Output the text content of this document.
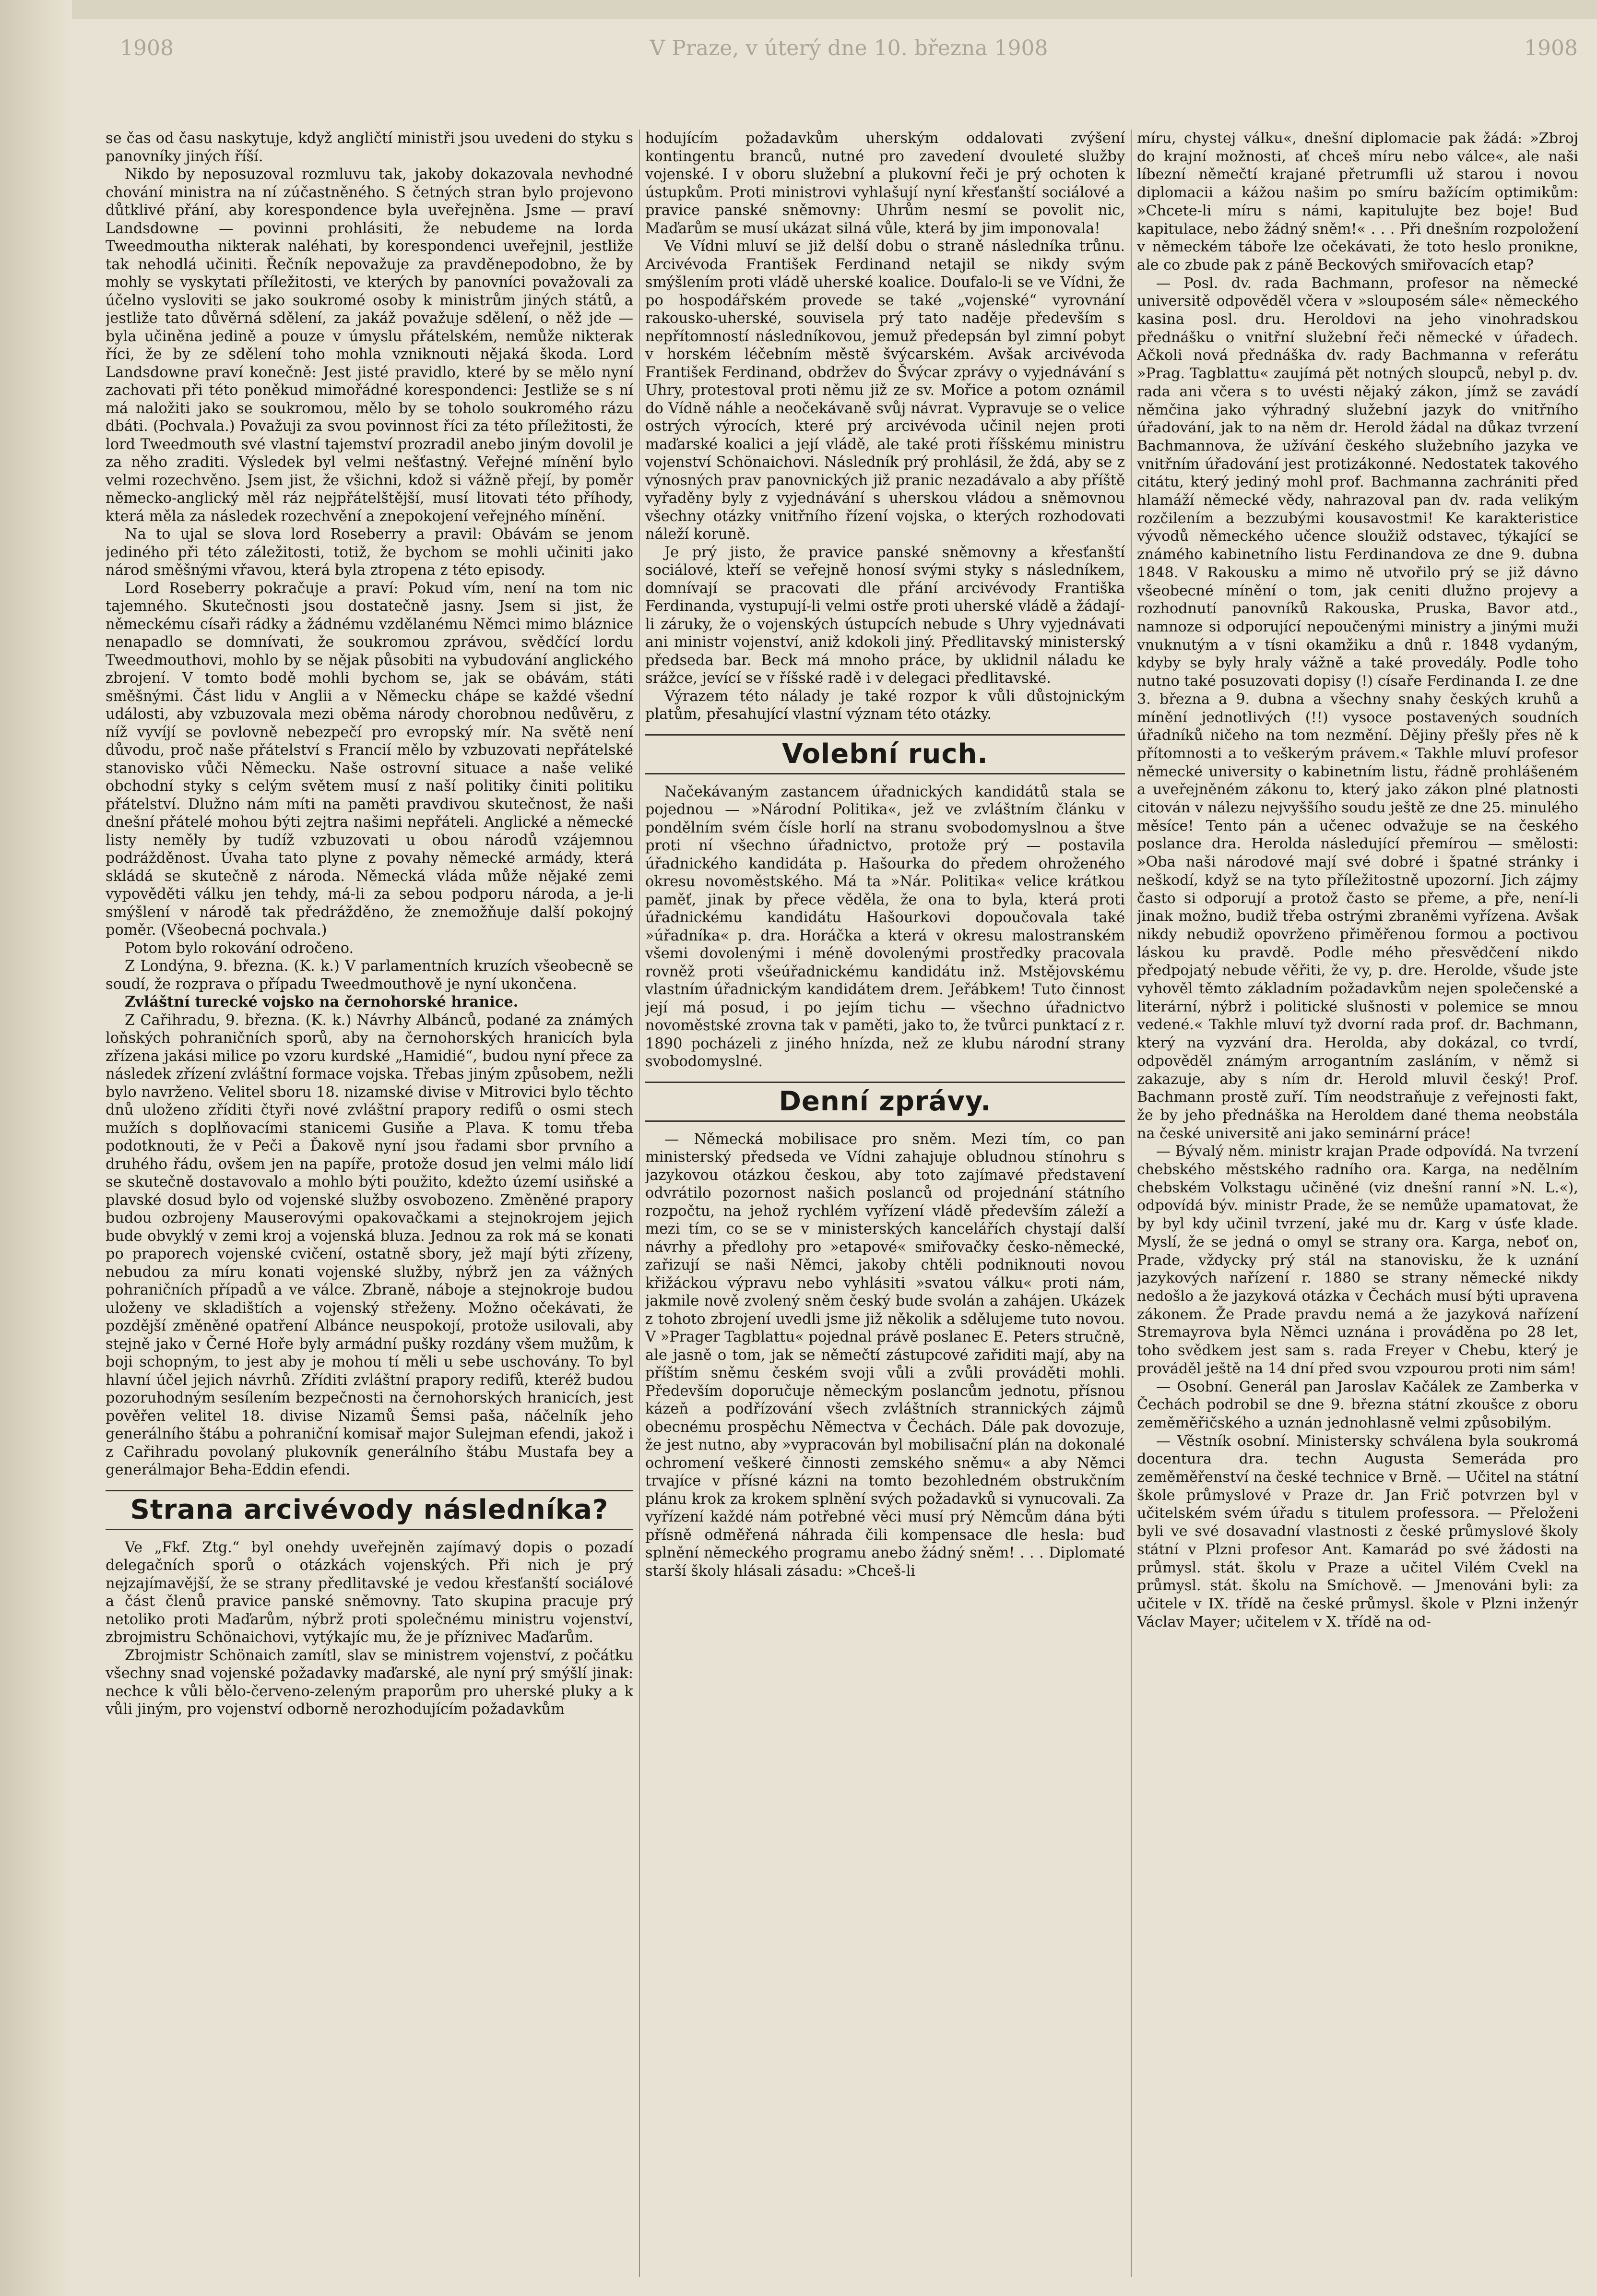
1908	V Praze, v úterý dne 10. března 1908	1908

se čas od času naskytuje, když angličtí ministři jsou uvedeni do styku s panovníky jiných říší.

Nikdo by neposuzoval rozmluvu tak, jakoby dokazovala nevhodné chování ministra na ní zúčastněného. S četných stran bylo projevono důtklivé přání, aby korespondence byla uveřejněna. Jsme — praví Landsdowne — povinni prohlásiti, že nebudeme na lorda Tweedmoutha nikterak naléhati, by korespondenci uveřejnil, jestliže tak nehodlá učiniti. Řečník nepovažuje za pravděnepodobno, že by mohly se vyskytati příležitosti, ve kterých by panovníci považovali za účelno vysloviti se jako soukromé osoby k ministrům jiných států, a jestliže tato důvěrná sdělení, za jakáž považuje sdělení, o něž jde — byla učiněna jedině a pouze v úmyslu přátelském, nemůže nikterak říci, že by ze sdělení toho mohla vzniknouti nějaká škoda. Lord Landsdowne praví konečně: Jest jisté pravidlo, které by se mělo nyní zachovati při této poněkud mimořádné korespondenci: Jestliže se s ní má naložiti jako se soukromou, mělo by se toholo soukromého rázu dbáti. (Pochvala.) Považuji za svou povinnost říci za této příležitosti, že lord Tweedmouth své vlastní tajemství prozradil anebo jiným dovolil je za něho zraditi. Výsledek byl velmi nešťastný. Veřejné mínění bylo velmi rozechvěno. Jsem jist, že všichni, kdož si vážně přejí, by poměr německo-anglický měl ráz nejpřátelštější, musí litovati této příhody, která měla za následek rozechvění a znepokojení veřejného mínění.

Na to ujal se slova lord Roseberry a pravil: Obávám se jenom jediného při této záležitosti, totiž, že bychom se mohli učiniti jako národ směšnými vřavou, která byla ztropena z této episody.

Lord Roseberry pokračuje a praví: Pokud vím, není na tom nic tajemného. Skutečnosti jsou dostatečně jasny. Jsem si jist, že německému císaři rádky a žádnému vzdělanému Němci mimo bláznice nenapadlo se domnívati, že soukromou zprávou, svědčící lordu Tweedmouthovi, mohlo by se nějak působiti na vybudování anglického zbrojení. V tomto bodě mohli bychom se, jak se obávám, státi směšnými. Část lidu v Anglii a v Německu chápe se každé všední události, aby vzbuzovala mezi oběma národy chorobnou nedůvěru, z níž vyvíjí se povlovně nebezpečí pro evropský mír. Na světě není důvodu, proč naše přátelství s Francií mělo by vzbuzovati nepřátelské stanovisko vůči Německu. Naše ostrovní situace a naše veliké obchodní styky s celým světem musí z naší politiky činiti politiku přátelství. Dlužno nám míti na paměti pravdivou skutečnost, že naši dnešní přátelé mohou býti zejtra našimi nepřáteli. Anglické a německé listy neměly by tudíž vzbuzovati u obou národů vzájemnou podrážděnost. Úvaha tato plyne z povahy německé armády, která skládá se skutečně z národa. Německá vláda může nějaké zemi vypověděti válku jen tehdy, má-li za sebou podporu národa, a je-li smýšlení v národě tak předrážděno, že znemožňuje další pokojný poměr. (Všeobecná pochvala.)

Potom bylo rokování odročeno.

Z Londýna, 9. března. (K. k.) V parlamentních kruzích všeobecně se soudí, že rozprava o případu Tweedmouthově je nyní ukončena.

Zvláštní turecké vojsko na černohorské hranice.

Z Cařihradu, 9. března. (K. k.) Návrhy Albánců, podané za známých loňských pohraničních sporů, aby na černohorských hranicích byla zřízena jakási milice po vzoru kurdské „Hamidié“, budou nyní přece za následek zřízení zvláštní formace vojska. Třebas jiným způsobem, nežli bylo navrženo. Velitel sboru 18. nizamské divise v Mitrovici bylo těchto dnů uloženo zříditi čtyři nové zvláštní prapory redifů o osmi stech mužích s doplňovacími stanicemi Gusiňe a Plava. K tomu třeba podotknouti, že v Peči a Ďakově nyní jsou řadami sbor prvního a druhého řádu, ovšem jen na papíře, protože dosud jen velmi málo lidí se skutečně dostavovalo a mohlo býti použito, kdežto území usiňské a plavské dosud bylo od vojenské služby osvobozeno. Změněné prapory budou ozbrojeny Mauserovými opakovačkami a stejnokrojem jejich bude obvyklý v zemi kroj a vojenská bluza. Jednou za rok má se konati po praporech vojenské cvičení, ostatně sbory, jež mají býti zřízeny, nebudou za míru konati vojenské služby, nýbrž jen za vážných pohraničních případů a ve válce. Zbraně, náboje a stejnokroje budou uloženy ve skladištích a vojenský střeženy. Možno očekávati, že pozdější změněné opatření Albánce neuspokojí, protože usilovali, aby stejně jako v Černé Hoře byly armádní pušky rozdány všem mužům, k boji schopným, to jest aby je mohou tí měli u sebe uschovány. To byl hlavní účel jejich návrhů. Zříditi zvláštní prapory redifů, kteréž budou pozoruhodným sesílením bezpečnosti na černohorských hranicích, jest pověřen velitel 18. divise Nizamů Šemsi paša, náčelník jeho generálního štábu a pohraniční komisař major Sulejman efendi, jakož i z Cařihradu povolaný plukovník generálního štábu Mustafa bey a generálmajor Beha-Eddin efendi.

Strana arcivévody následníka?

Ve „Fkf. Ztg.“ byl onehdy uveřejněn zajímavý dopis o pozadí delegačních sporů o otázkách vojenských. Při nich je prý nejzajímavější, že se strany předlitavské je vedou křesťanští sociálové a část členů pravice panské sněmovny. Tato skupina pracuje prý netoliko proti Maďarům, nýbrž proti společnému ministru vojenství, zbrojmistru Schönaichovi, vytýkajíc mu, že je příznivec Maďarům.

Zbrojmistr Schönaich zamítl, slav se ministrem vojenství, z počátku všechny snad vojenské požadavky maďarské, ale nyní prý smýšlí jinak: nechce k vůli bělo-červeno-zeleným praporům pro uherské pluky a k vůli jiným, pro vojenství odborně nerozhodujícím požadavkům

hodujícím požadavkům uherským oddalovati zvýšení kontingentu branců, nutné pro zavedení dvouleté služby vojenské. I v oboru služební a plukovní řeči je prý ochoten k ústupkům. Proti ministrovi vyhlašují nyní křesťanští sociálové a pravice panské sněmovny: Uhrům nesmí se povolit nic, Maďarům se musí ukázat silná vůle, která by jim imponovala!

Ve Vídni mluví se již delší dobu o straně následníka trůnu. Arcivévoda František Ferdinand netajil se nikdy svým smýšlením proti vládě uherské koalice. Doufalo-li se ve Vídni, že po hospodářském provede se také „vojenské“ vyrovnání rakousko-uherské, souvisela prý tato naděje především s nepřítomností následníkovou, jemuž předepsán byl zimní pobyt v horském léčebním městě švýcarském. Avšak arcivévoda František Ferdinand, obdržev do Švýcar zprávy o vyjednávání s Uhry, protestoval proti němu již ze sv. Mořice a potom oznámil do Vídně náhle a neočekávaně svůj návrat. Vypravuje se o velice ostrých výrocích, které prý arcivévoda učinil nejen proti maďarské koalici a její vládě, ale také proti říšskému ministru vojenství Schönaichovi. Následník prý prohlásil, že ždá, aby se z výnosných prav panovnických již pranic nezadávalo a aby příště vyřaděny byly z vyjednávání s uherskou vládou a sněmovnou všechny otázky vnitřního řízení vojska, o kterých rozhodovati náleží koruně.

Je prý jisto, že pravice panské sněmovny a křesťanští sociálové, kteří se veřejně honosí svými styky s následníkem, domnívají se pracovati dle přání arcivévody Františka Ferdinanda, vystupují-li velmi ostře proti uherské vládě a žádají-li záruky, že o vojenských ústupcích nebude s Uhry vyjednávati ani ministr vojenství, aniž kdokoli jiný. Předlitavský ministerský předseda bar. Beck má mnoho práce, by uklidnil náladu ke srážce, jevící se v říšské radě i v delegaci předlitavské.

Výrazem této nálady je také rozpor k vůli důstojnickým platům, přesahující vlastní význam této otázky.

Volební ruch.

Načekávaným zastancem úřadnických kandidátů stala se pojednou — »Národní Politika«, jež ve zvláštním článku v pondělním svém čísle horlí na stranu svobodomyslnou a štve proti ní všechno úřadnictvo, protože prý — postavila úřadnického kandidáta p. Hašourka do předem ohroženého okresu novoměstského. Má ta »Nár. Politika« velice krátkou paměť, jinak by přece věděla, že ona to byla, která proti úřadnickému kandidátu Hašourkovi dopoučovala také »úřadníka« p. dra. Horáčka a která v okresu malostranském všemi dovolenými i méně dovolenými prostředky pracovala rovněž proti všeúřadnickému kandidátu inž. Mstějovskému vlastním úřadnickým kandidátem drem. Jeřábkem! Tuto činnost její má posud, i po jejím tichu — všechno úřadnictvo novoměstské zrovna tak v paměti, jako to, že tvůrci punktací z r. 1890 pocházeli z jiného hnízda, než ze klubu národní strany svobodomyslné.

Denní zprávy.

— Německá mobilisace pro sněm. Mezi tím, co pan ministerský předseda ve Vídni zahajuje obludnou stínohru s jazykovou otázkou českou, aby toto zajímavé představení odvrátilo pozornost našich poslanců od projednání státního rozpočtu, na jehož rychlém vyřízení vládě především záleží a mezi tím, co se se v ministerských kancelářích chystají další návrhy a předlohy pro »etapové« smiřovačky česko-německé, zařizují se naši Němci, jakoby chtěli podniknouti novou křižáckou výpravu nebo vyhlásiti »svatou válku« proti nám, jakmile nově zvolený sněm český bude svolán a zahájen. Ukázek z tohoto zbrojení uvedli jsme již několik a sdělujeme tuto novou. V »Prager Tagblattu« pojednal právě poslanec E. Peters stručně, ale jasně o tom, jak se němečtí zástupcové zařiditi mají, aby na příštím sněmu českém svoji vůli a zvůli prováděti mohli. Především doporučuje německým poslancům jednotu, přísnou kázeň a podřízování všech zvláštních strannických zájmů obecnému prospěchu Němectva v Čechách. Dále pak dovozuje, že jest nutno, aby »vypracován byl mobilisační plán na dokonalé ochromení veškeré činnosti zemského sněmu« a aby Němci trvajíce v přísné kázni na tomto bezohledném obstrukčním plánu krok za krokem splnění svých požadavků si vynucovali. Za vyřízení každé nám potřebné věci musí prý Němcům dána býti přísně odměřená náhrada čili kompensace dle hesla: buď splnění německého programu anebo žádný sněm! . . . Diplomaté starší školy hlásali zásadu: »Chceš-li

míru, chystej válku«, dnešní diplomacie pak žádá: »Zbroj do krajní možnosti, ať chceš míru nebo válce«, ale naši líbezní němečtí krajané přetrumfli už starou i novou diplomacii a kážou našim po smíru bažícím optimikům: »Chcete-li míru s námi, kapitulujte bez boje! Buď kapitulace, nebo žádný sněm!« . . . Při dnešním rozpoložení v německém táboře lze očekávati, že toto heslo pronikne, ale co zbude pak z páně Beckových smiřovacích etap?

— Posl. dv. rada Bachmann, profesor na německé universitě odpověděl včera v »slouposém sále« německého kasina posl. dru. Heroldovi na jeho vinohradskou přednášku o vnitřní služební řeči německé v úřadech. Ačkoli nová přednáška dv. rady Bachmanna v referátu »Prag. Tagblattu« zaujímá pět notných sloupců, nebyl p. dv. rada ani včera s to uvésti nějaký zákon, jímž se zavádí němčina jako výhradný služební jazyk do vnitřního úřadování, jak to na něm dr. Herold žádal na důkaz tvrzení Bachmannova, že užívání českého služebního jazyka ve vnitřním úřadování jest protizákonné. Nedostatek takového citátu, který jediný mohl prof. Bachmanna zachrániti před hlamáží německé vědy, nahrazoval pan dv. rada velikým rozčilením a bezzubými kousavostmi! Ke karakteristice vývodů německého učence sloužiž odstavec, týkající se známého kabinetního listu Ferdinandova ze dne 9. dubna 1848. V Rakousku a mimo ně utvořilo prý se již dávno všeobecné mínění o tom, jak ceniti dlužno projevy a rozhodnutí panovníků Rakouska, Pruska, Bavor atd., namnoze si odporující nepoučenými ministry a jinými muži vnuknutým a v tísni okamžiku a dnů r. 1848 vydaným, kdyby se byly hraly vážně a také provedály. Podle toho nutno také posuzovati dopisy (!) císaře Ferdinanda I. ze dne 3. března a 9. dubna a všechny snahy českých kruhů a mínění jednotlivých (!!) vysoce postavených soudních úřadníků ničeho na tom nezmění. Dějiny přešly přes ně k přítomnosti a to veškerým právem.« Takhle mluví profesor německé university o kabinetním listu, řádně prohlášeném a uveřejněném zákonu to, který jako zákon plné platnosti citován v nálezu nejvyššího soudu ještě ze dne 25. minulého měsíce! Tento pán a učenec odvažuje se na českého poslance dra. Herolda následující přemírou — smělosti: »Oba naši národové mají své dobré i špatné stránky i neškodí, když se na tyto příležitostně upozorní. Jich zájmy často si odporují a protož často se přeme, a pře, není-li jinak možno, budiž třeba ostrými zbraněmi vyřízena. Avšak nikdy nebudiž opovrženo přiměřenou formou a poctivou láskou ku pravdě. Podle mého přesvědčení nikdo předpojatý nebude věřiti, že vy, p. dre. Herolde, všude jste vyhověl těmto základním požadavkům nejen společenské a literární, nýbrž i politické slušnosti v polemice se mnou vedené.« Takhle mluví tyž dvorní rada prof. dr. Bachmann, který na vyzvání dra. Herolda, aby dokázal, co tvrdí, odpověděl známým arrogantním zasláním, v němž si zakazuje, aby s ním dr. Herold mluvil český! Prof. Bachmann prostě zuří. Tím neodstraňuje z veřejnosti fakt, že by jeho přednáška na Heroldem dané thema neobstála na české universitě ani jako seminární práce!

— Bývalý něm. ministr krajan Prade odpovídá. Na tvrzení chebského městského radního ora. Karga, na nedělním chebském Volkstagu učiněné (viz dnešní ranní »N. L.«), odpovídá býv. ministr Prade, že se nemůže upamatovat, že by byl kdy učinil tvrzení, jaké mu dr. Karg v úsťe klade. Myslí, že se jedná o omyl se strany ora. Karga, neboť on, Prade, vždycky prý stál na stanovisku, že k uznání jazykových nařízení r. 1880 se strany německé nikdy nedošlo a že jazyková otázka v Čechách musí býti upravena zákonem. Že Prade pravdu nemá a že jazyková nařízení Stremayrova byla Němci uznána i prováděna po 28 let, toho svědkem jest sam s. rada Freyer v Chebu, který je prováděl ještě na 14 dní před svou vzpourou proti nim sám!

— Osobní. Generál pan Jaroslav Kačálek ze Zamberka v Čechách podrobil se dne 9. března státní zkoušce z oboru zeměměřičského a uznán jednohlasně velmi způsobilým.

— Věstník osobní. Ministersky schválena byla soukromá docentura dra. techn Augusta Semeráda pro zeměměřenství na české technice v Brně. — Učitel na státní škole průmyslové v Praze dr. Jan Frič potvrzen byl v učitelském svém úřadu s titulem professora. — Přeloženi byli ve své dosavadní vlastnosti z české průmyslové školy státní v Plzni profesor Ant. Kamarád po své žádosti na průmysl. stát. školu v Praze a učitel Vilém Cvekl na průmysl. stát. školu na Smíchově. — Jmenováni byli: za učitele v IX. třídě na české průmysl. škole v Plzni inženýr Václav Mayer; učitelem v X. třídě na od-
